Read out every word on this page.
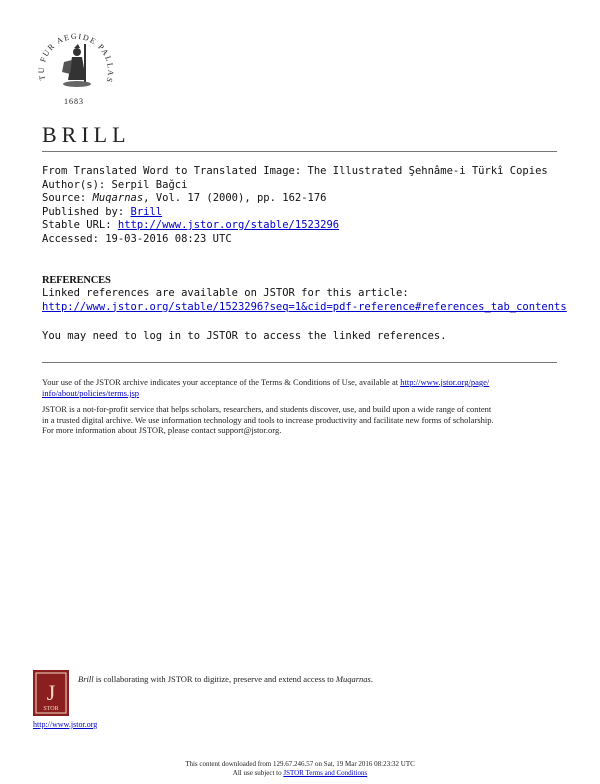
TU FUR AEGIDE PALLAS
1683
BRILL
From Translated Word to Translated Image: The Illustrated Şehnâme-i Türkî Copies
Author(s): Serpil Bağci
Source: Muqarnas, Vol. 17 (2000), pp. 162-176
Published by: Brill
Stable URL: http://www.jstor.org/stable/1523296
Accessed: 19-03-2016 08:23 UTC
REFERENCES
Linked references are available on JSTOR for this article:
http://www.jstor.org/stable/1523296?seq=1&cid=pdf-reference#references_tab_contents
You may need to log in to JSTOR to access the linked references.

Your use of the JSTOR archive indicates your acceptance of the Terms & Conditions of Use, available at http://www.jstor.org/page/
info/about/policies/terms.jsp

JSTOR is a not-for-profit service that helps scholars, researchers, and students discover, use, and build upon a wide range of content
in a trusted digital archive. We use information technology and tools to increase productivity and facilitate new forms of scholarship.
For more information about JSTOR, please contact support@jstor.org.

J
STOR
Brill is collaborating with JSTOR to digitize, preserve and extend access to Muqarnas.
http://www.jstor.org
This content downloaded from 129.67.246.57 on Sat, 19 Mar 2016 08:23:32 UTC
All use subject to JSTOR Terms and Conditions
